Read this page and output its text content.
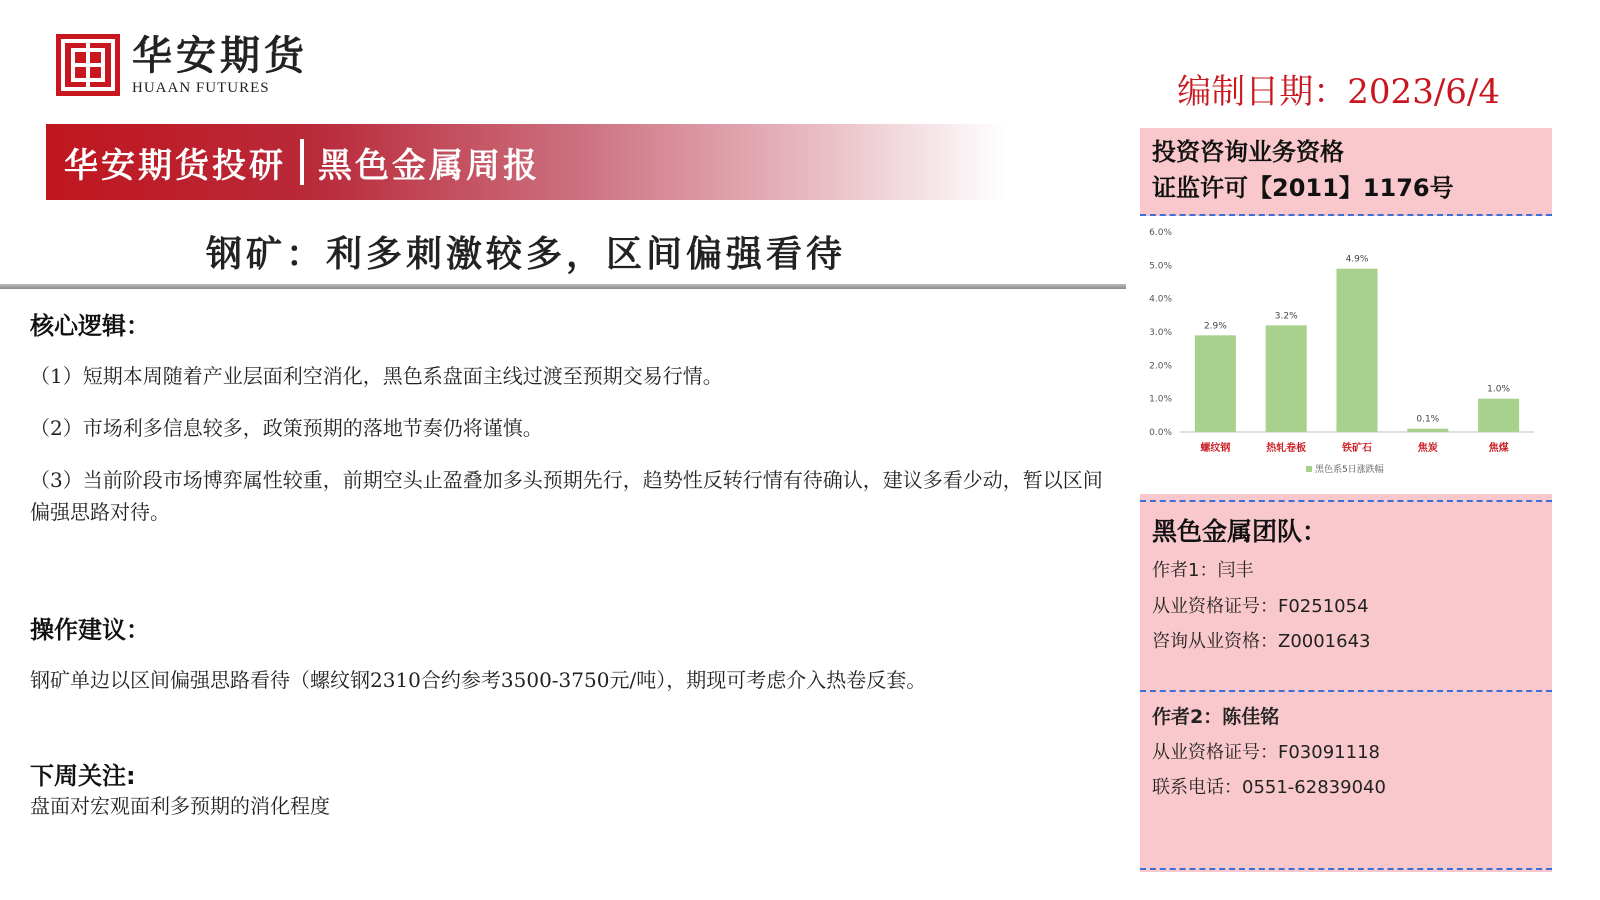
华安期货
HUAAN FUTURES	编制日期：2023/6/4
华安期货投研 黑色金属周报
钢矿：利多刺激较多，区间偏强看待
核心逻辑：
（1）短期本周随着产业层面利空消化，黑色系盘面主线过渡至预期交易行情。
（2）市场利多信息较多，政策预期的落地节奏仍将谨慎。
（3）当前阶段市场博弈属性较重，前期空头止盈叠加多头预期先行，趋势性反转行情有待确认，建议多看少动，暂以区间偏强思路对待。
操作建议：
钢矿单边以区间偏强思路看待（螺纹钢2310合约参考3500-3750元/吨），期现可考虑介入热卷反套。
下周关注:
盘面对宏观面利多预期的消化程度
投资咨询业务资格
证监许可【2011】1176号
0.0%
1.0%
2.0%
3.0%
4.0%
5.0%
6.0%
2.9%
螺纹钢
3.2%
热轧卷板
4.9%
铁矿石
0.1%
焦炭
1.0%
焦煤
黑色系5日涨跌幅
黑色金属团队：
作者1：闫丰
从业资格证号：F0251054
咨询从业资格：Z0001643
作者2：陈佳铭
从业资格证号：F03091118
联系电话：0551-62839040
